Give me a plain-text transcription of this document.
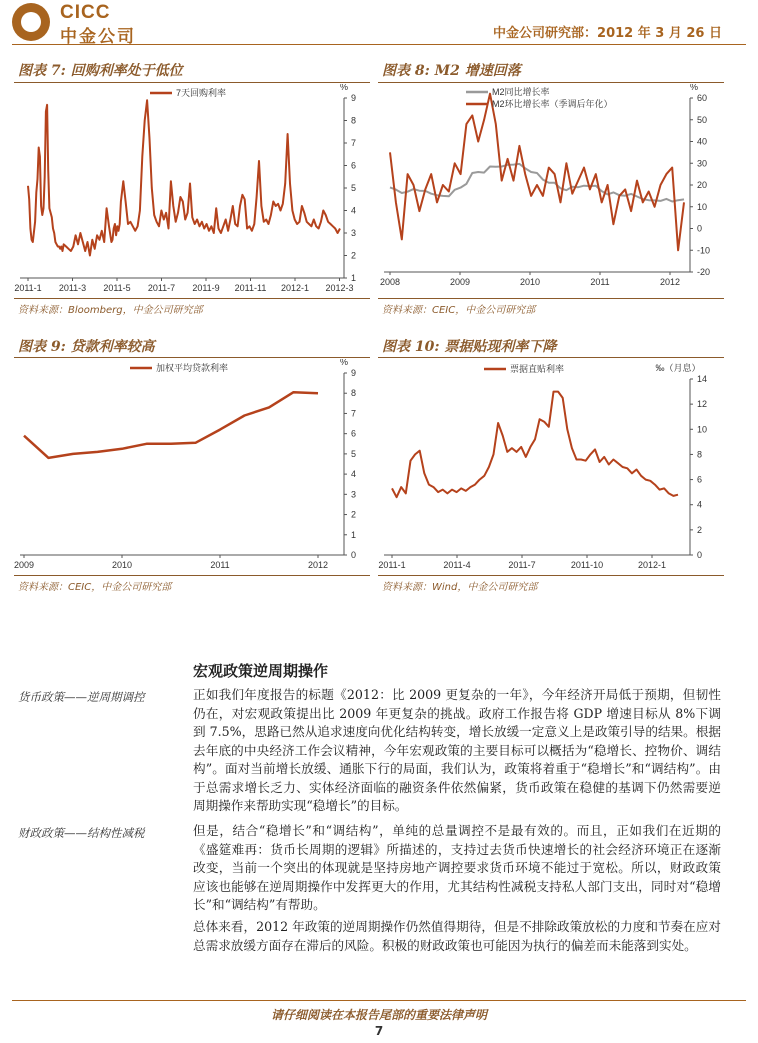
CICC
中金公司	中金公司研究部：2012 年 3 月 26 日
图表 7: 回购利率处于低位
%
1
2
3
4
5
6
7
8
9
2011-1 2011-3 2011-5 2011-7 2011-9 2011-11 2012-1 2012-3
7天回购利率
资料来源：Bloomberg，中金公司研究部
图表 8: M2 增速回落
%
-20
-10
0
10
20
30
40
50
60
2008	2009	2010	2011	2012
M2同比增长率
M2环比增长率（季调后年化）
资料来源：CEIC，中金公司研究部
图表 9: 贷款利率较高
%
0
1
2
3
4
5
6
7
8
9
2009	2010	2011	2012
加权平均贷款利率
资料来源：CEIC，中金公司研究部
图表 10: 票据贴现利率下降
‰（月息）
0
2
4
6
8
10
12
14
2011-1	2011-4	2011-7	2011-10	2012-1
票据直贴利率
资料来源：Wind，中金公司研究部
宏观政策逆周期操作
货币政策——逆周期调控	正如我们年度报告的标题《2012：比 2009 更复杂的一年》，今年经济开局低于预期，但韧性仍在，对宏观政策提出比 2009 年更复杂的挑战。政府工作报告将 GDP 增速目标从 8%下调到 7.5%，思路已然从追求速度向优化结构转变，增长放缓一定意义上是政策引导的结果。根据去年底的中央经济工作会议精神，今年宏观政策的主要目标可以概括为“稳增长、控物价、调结构”。面对当前增长放缓、通胀下行的局面，我们认为，政策将着重于“稳增长”和“调结构”。由于总需求增长乏力、实体经济面临的融资条件依然偏紧，货币政策在稳健的基调下仍然需要逆周期操作来帮助实现“稳增长”的目标。
财政政策——结构性减税	但是，结合“稳增长”和“调结构”，单纯的总量调控不是最有效的。而且，正如我们在近期的《盛筵难再：货币长周期的逻辑》所描述的，支持过去货币快速增长的社会经济环境正在逐渐改变，当前一个突出的体现就是坚持房地产调控要求货币环境不能过于宽松。所以，财政政策应该也能够在逆周期操作中发挥更大的作用，尤其结构性减税支持私人部门支出，同时对“稳增长”和“调结构”有帮助。
总体来看，2012 年政策的逆周期操作仍然值得期待，但是不排除政策放松的力度和节奏在应对总需求放缓方面存在滞后的风险。积极的财政政策也可能因为执行的偏差而未能落到实处。
请仔细阅读在本报告尾部的重要法律声明
7
